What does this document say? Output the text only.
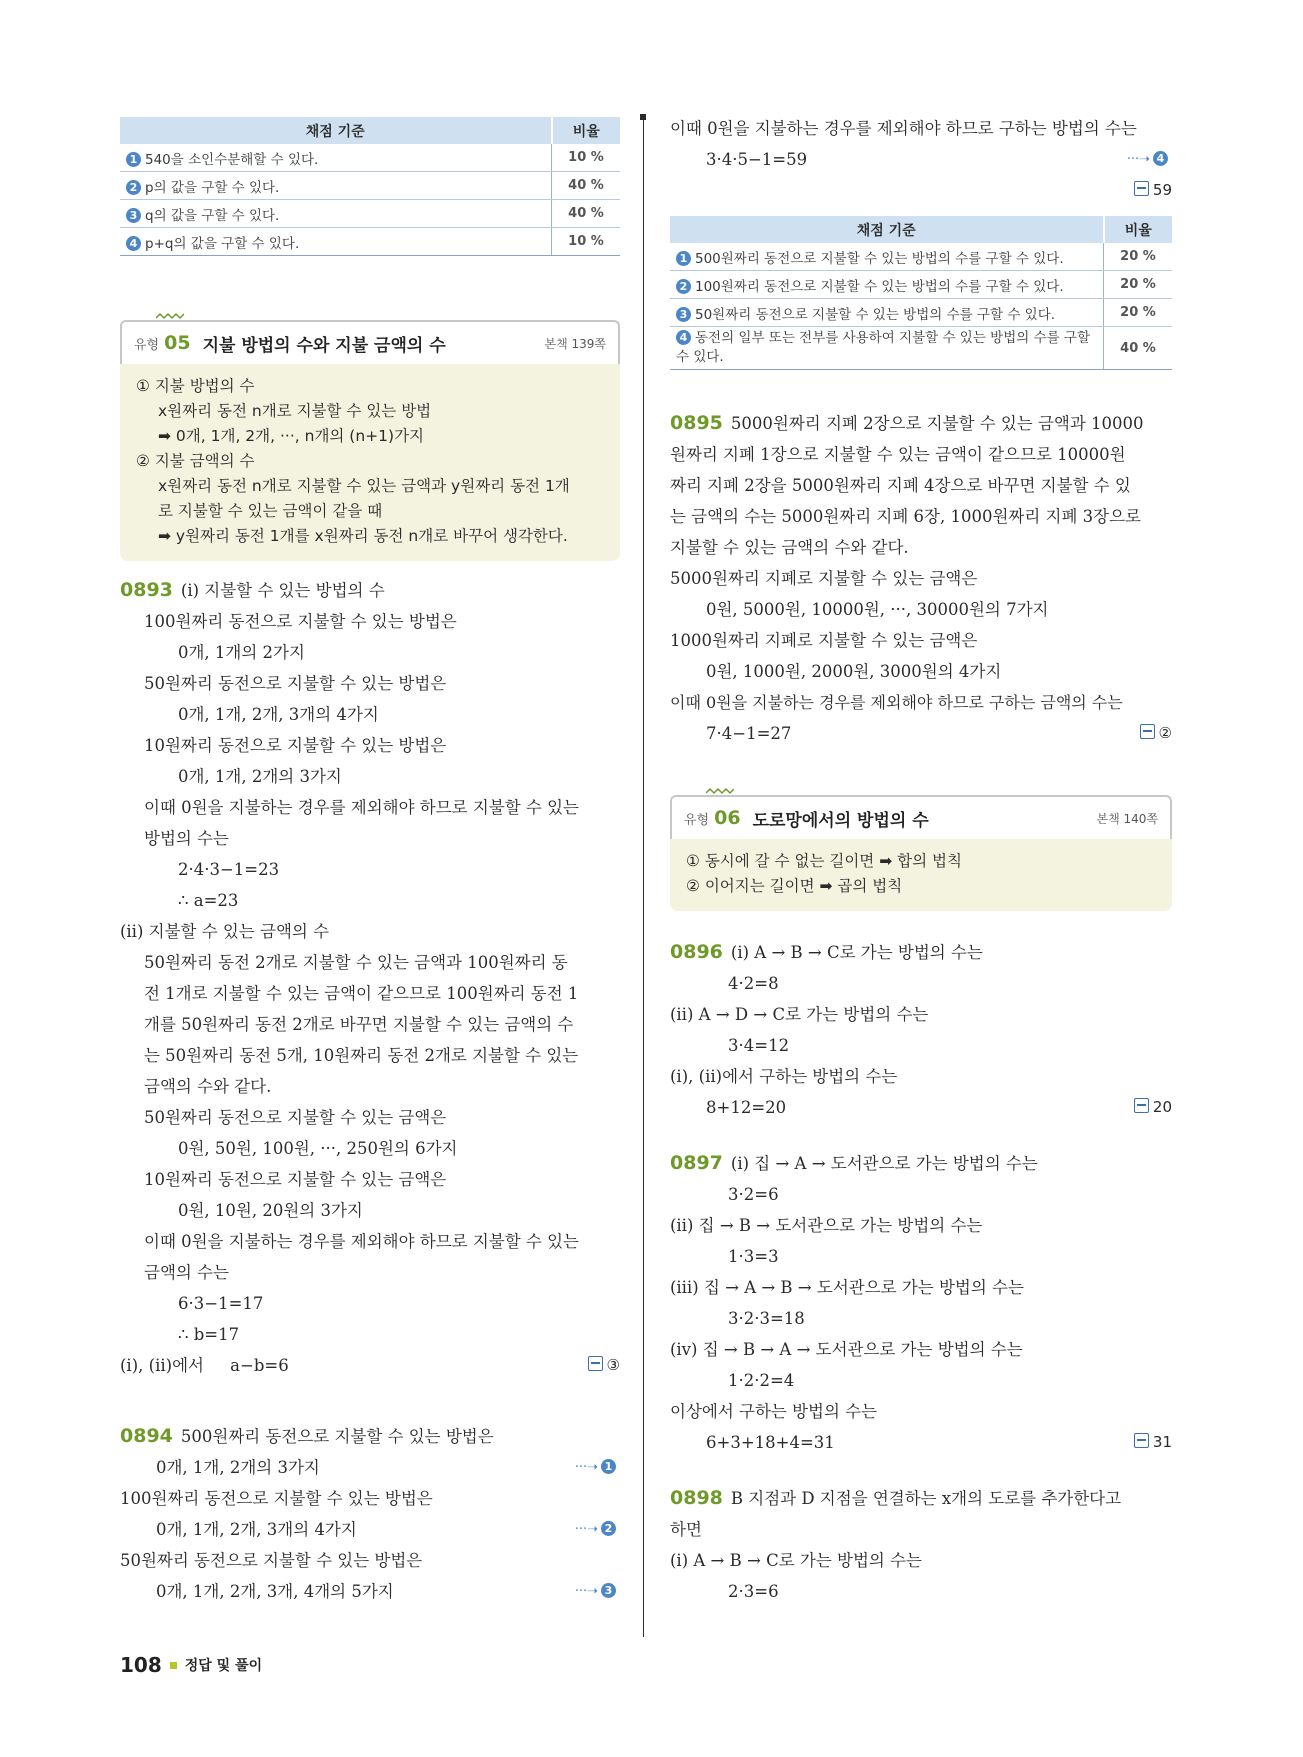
채점 기준	비율
1 540을 소인수분해할 수 있다.	10 %
2 p의 값을 구할 수 있다.	40 %
3 q의 값을 구할 수 있다.	40 %
4 p+q의 값을 구할 수 있다.	10 %
유형 05 지불 방법의 수와 지불 금액의 수	본책 139쪽
① 지불 방법의 수
x원짜리 동전 n개로 지불할 수 있는 방법
➡ 0개, 1개, 2개, ···, n개의 (n+1)가지
② 지불 금액의 수
x원짜리 동전 n개로 지불할 수 있는 금액과 y원짜리 동전 1개
로 지불할 수 있는 금액이 같을 때
➡ y원짜리 동전 1개를 x원짜리 동전 n개로 바꾸어 생각한다.
0893 (ⅰ) 지불할 수 있는 방법의 수
100원짜리 동전으로 지불할 수 있는 방법은
0개, 1개의 2가지
50원짜리 동전으로 지불할 수 있는 방법은
0개, 1개, 2개, 3개의 4가지
10원짜리 동전으로 지불할 수 있는 방법은
0개, 1개, 2개의 3가지
이때 0원을 지불하는 경우를 제외해야 하므로 지불할 수 있는
방법의 수는
2·4·3−1=23
∴ a=23
(ⅱ) 지불할 수 있는 금액의 수
50원짜리 동전 2개로 지불할 수 있는 금액과 100원짜리 동
전 1개로 지불할 수 있는 금액이 같으므로 100원짜리 동전 1
개를 50원짜리 동전 2개로 바꾸면 지불할 수 있는 금액의 수
는 50원짜리 동전 5개, 10원짜리 동전 2개로 지불할 수 있는
금액의 수와 같다.
50원짜리 동전으로 지불할 수 있는 금액은
0원, 50원, 100원, ···, 250원의 6가지
10원짜리 동전으로 지불할 수 있는 금액은
0원, 10원, 20원의 3가지
이때 0원을 지불하는 경우를 제외해야 하므로 지불할 수 있는
금액의 수는
6·3−1=17
∴ b=17
(ⅰ), (ⅱ)에서     a−b=6	③
0894 500원짜리 동전으로 지불할 수 있는 방법은
0개, 1개, 2개의 3가지	···➝ 1
100원짜리 동전으로 지불할 수 있는 방법은
0개, 1개, 2개, 3개의 4가지	···➝ 2
50원짜리 동전으로 지불할 수 있는 방법은
0개, 1개, 2개, 3개, 4개의 5가지	···➝ 3
이때 0원을 지불하는 경우를 제외해야 하므로 구하는 방법의 수는
3·4·5−1=59	···➝ 4
59
채점 기준	비율
1 500원짜리 동전으로 지불할 수 있는 방법의 수를 구할 수 있다.	20 %
2 100원짜리 동전으로 지불할 수 있는 방법의 수를 구할 수 있다.	20 %
3 50원짜리 동전으로 지불할 수 있는 방법의 수를 구할 수 있다.	20 %
4 동전의 일부 또는 전부를 사용하여 지불할 수 있는 방법의 수를 구할 수 있다.	40 %
0895 5000원짜리 지폐 2장으로 지불할 수 있는 금액과 10000
원짜리 지폐 1장으로 지불할 수 있는 금액이 같으므로 10000원
짜리 지폐 2장을 5000원짜리 지폐 4장으로 바꾸면 지불할 수 있
는 금액의 수는 5000원짜리 지폐 6장, 1000원짜리 지폐 3장으로
지불할 수 있는 금액의 수와 같다.
5000원짜리 지폐로 지불할 수 있는 금액은
0원, 5000원, 10000원, ···, 30000원의 7가지
1000원짜리 지폐로 지불할 수 있는 금액은
0원, 1000원, 2000원, 3000원의 4가지
이때 0원을 지불하는 경우를 제외해야 하므로 구하는 금액의 수는
7·4−1=27	②
유형 06 도로망에서의 방법의 수	본책 140쪽
① 동시에 갈 수 없는 길이면 ➡ 합의 법칙
② 이어지는 길이면 ➡ 곱의 법칙
0896 (ⅰ) A → B → C로 가는 방법의 수는
4·2=8
(ⅱ) A → D → C로 가는 방법의 수는
3·4=12
(ⅰ), (ⅱ)에서 구하는 방법의 수는
8+12=20	20
0897 (ⅰ) 집 → A → 도서관으로 가는 방법의 수는
3·2=6
(ⅱ) 집 → B → 도서관으로 가는 방법의 수는
1·3=3
(ⅲ) 집 → A → B → 도서관으로 가는 방법의 수는
3·2·3=18
(ⅳ) 집 → B → A → 도서관으로 가는 방법의 수는
1·2·2=4
이상에서 구하는 방법의 수는
6+3+18+4=31	31
0898 B 지점과 D 지점을 연결하는 x개의 도로를 추가한다고
하면
(ⅰ) A → B → C로 가는 방법의 수는
2·3=6
108 정답 및 풀이
